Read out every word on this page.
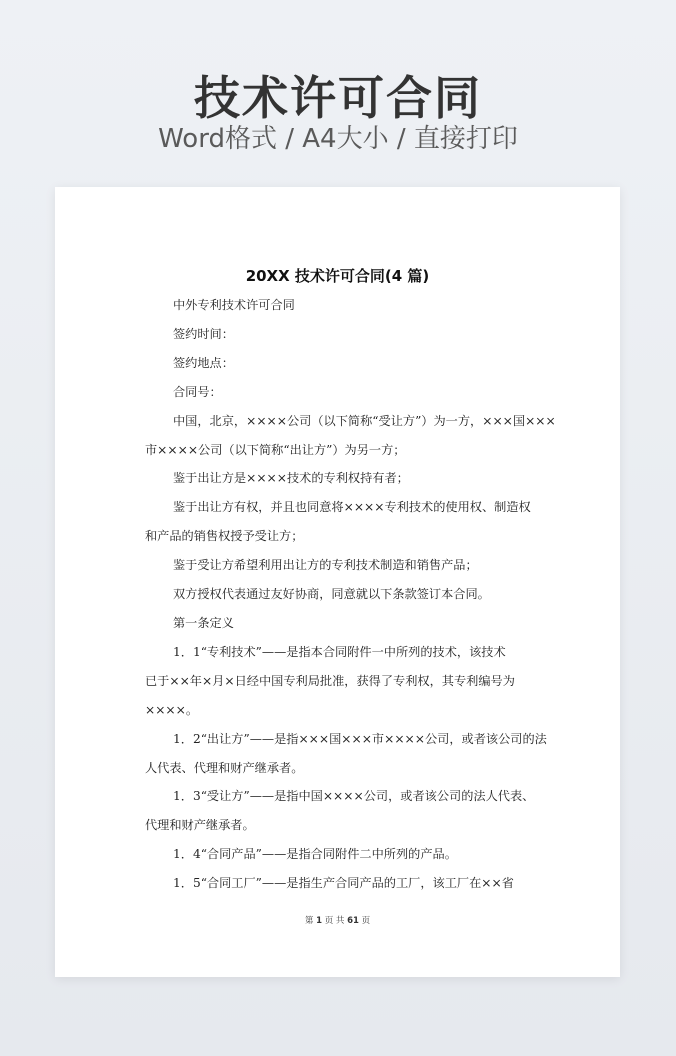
技术许可合同
Word格式 / A4大小 / 直接打印
20XX 技术许可合同(4 篇)
中外专利技术许可合同
签约时间：
签约地点：
合同号：
中国，北京，××××公司（以下简称“受让方”）为一方，×××国×××
市××××公司（以下简称“出让方”）为另一方；
鉴于出让方是××××技术的专利权持有者；
鉴于出让方有权，并且也同意将××××专利技术的使用权、制造权
和产品的销售权授予受让方；
鉴于受让方希望利用出让方的专利技术制造和销售产品；
双方授权代表通过友好协商，同意就以下条款签订本合同。
第一条定义
1．1“专利技术”——是指本合同附件一中所列的技术，该技术
已于××年×月×日经中国专利局批准，获得了专利权，其专利编号为
××××。
1．2“出让方”——是指×××国×××市××××公司，或者该公司的法
人代表、代理和财产继承者。
1．3“受让方”——是指中国××××公司，或者该公司的法人代表、
代理和财产继承者。
1．4“合同产品”——是指合同附件二中所列的产品。
1．5“合同工厂”——是指生产合同产品的工厂，该工厂在××省
第 1 页 共 61 页
